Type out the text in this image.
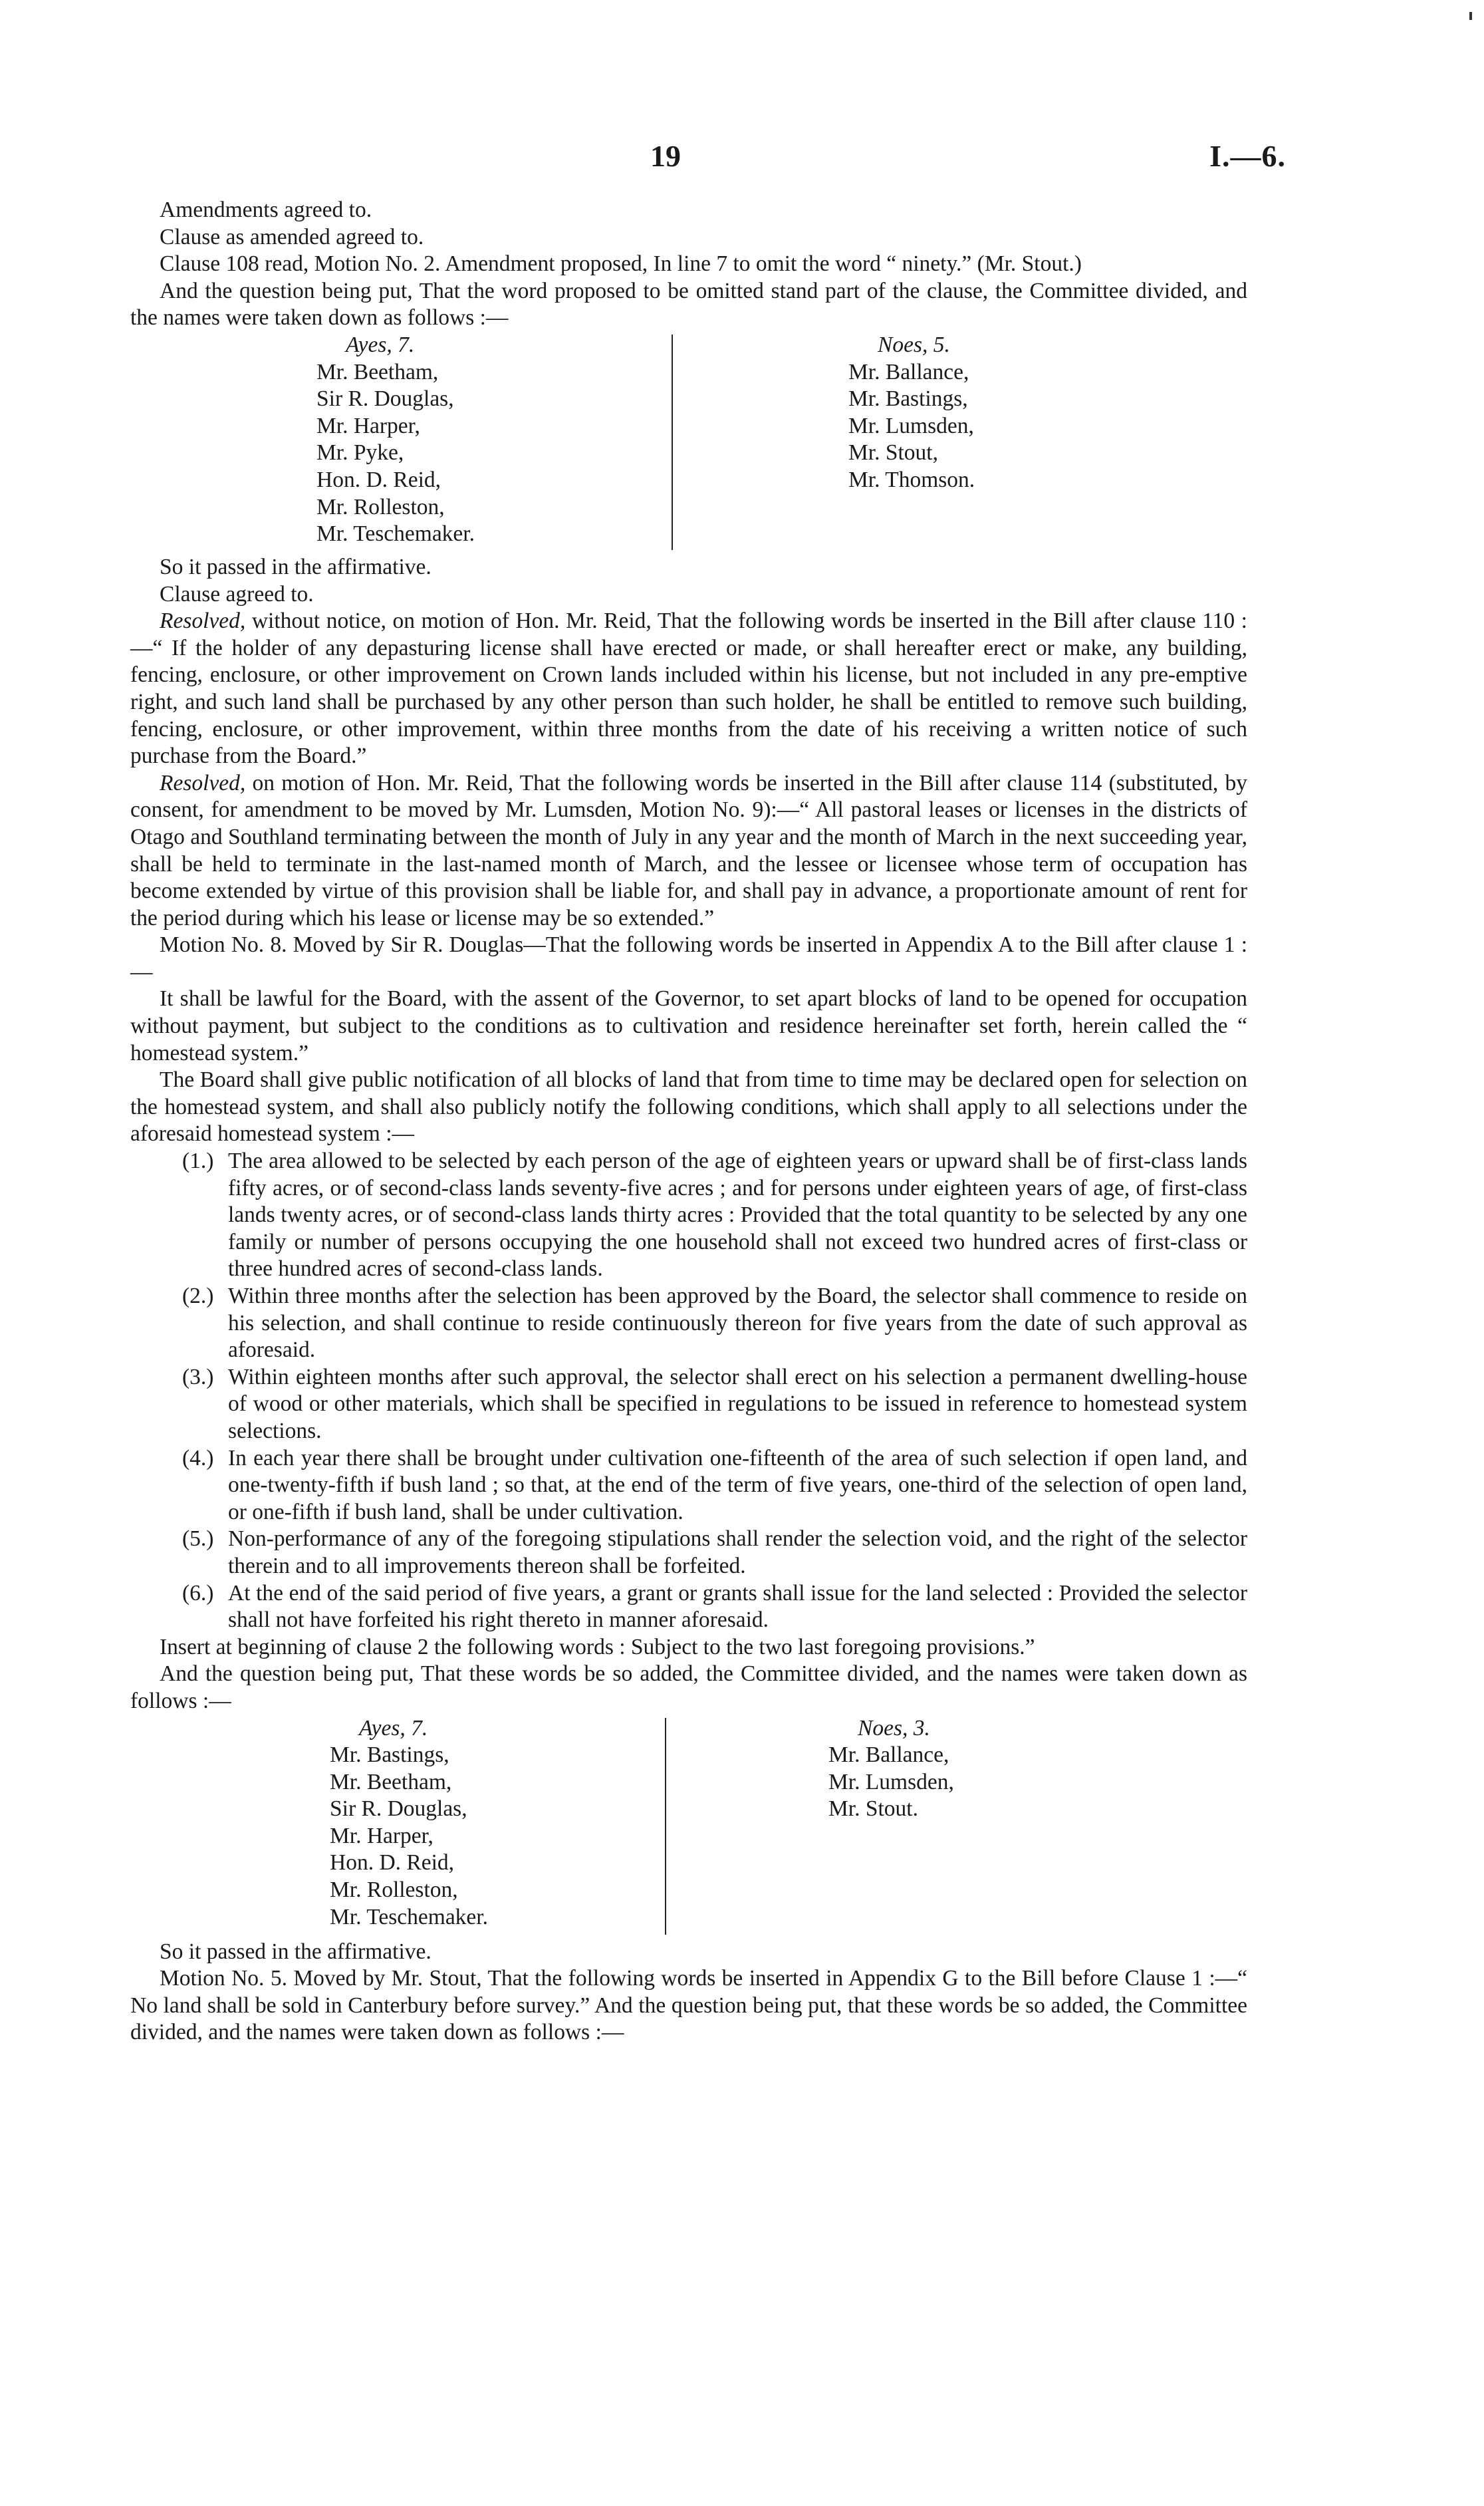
19	I.—6.

Amendments agreed to.

Clause as amended agreed to.

Clause 108 read, Motion No. 2. Amendment proposed, In line 7 to omit the word “ ninety.” (Mr. Stout.)

And the question being put, That the word proposed to be omitted stand part of the clause, the Committee divided, and the names were taken down as follows :—

Ayes, 7.
Mr. Beetham,
Sir R. Douglas,
Mr. Harper,
Mr. Pyke,
Hon. D. Reid,
Mr. Rolleston,
Mr. Teschemaker.
Noes, 5.
Mr. Ballance,
Mr. Bastings,
Mr. Lumsden,
Mr. Stout,
Mr. Thomson.

So it passed in the affirmative.

Clause agreed to.

Resolved, without notice, on motion of Hon. Mr. Reid, That the following words be inserted in the Bill after clause 110 :—“ If the holder of any depasturing license shall have erected or made, or shall hereafter erect or make, any building, fencing, enclosure, or other improvement on Crown lands included within his license, but not included in any pre-emptive right, and such land shall be purchased by any other person than such holder, he shall be entitled to remove such building, fencing, enclosure, or other improvement, within three months from the date of his receiving a written notice of such purchase from the Board.”

Resolved, on motion of Hon. Mr. Reid, That the following words be inserted in the Bill after clause 114 (substituted, by consent, for amendment to be moved by Mr. Lumsden, Motion No. 9):—“ All pastoral leases or licenses in the districts of Otago and Southland terminating between the month of July in any year and the month of March in the next succeeding year, shall be held to terminate in the last-named month of March, and the lessee or licensee whose term of occupation has become extended by virtue of this provision shall be liable for, and shall pay in advance, a proportionate amount of rent for the period during which his lease or license may be so extended.”

Motion No. 8. Moved by Sir R. Douglas—That the following words be inserted in Appendix A to the Bill after clause 1 :—

It shall be lawful for the Board, with the assent of the Governor, to set apart blocks of land to be opened for occupation without payment, but subject to the conditions as to cultivation and residence hereinafter set forth, herein called the “ homestead system.”

The Board shall give public notification of all blocks of land that from time to time may be declared open for selection on the homestead system, and shall also publicly notify the following conditions, which shall apply to all selections under the aforesaid homestead system :—

(1.) The area allowed to be selected by each person of the age of eighteen years or upward shall be of first-class lands fifty acres, or of second-class lands seventy-five acres ; and for persons under eighteen years of age, of first-class lands twenty acres, or of second-class lands thirty acres : Provided that the total quantity to be selected by any one family or number of persons occupying the one household shall not exceed two hundred acres of first-class or three hundred acres of second-class lands.
(2.) Within three months after the selection has been approved by the Board, the selector shall commence to reside on his selection, and shall continue to reside continuously thereon for five years from the date of such approval as aforesaid.
(3.) Within eighteen months after such approval, the selector shall erect on his selection a permanent dwelling-house of wood or other materials, which shall be specified in regulations to be issued in reference to homestead system selections.
(4.) In each year there shall be brought under cultivation one-fifteenth of the area of such selection if open land, and one-twenty-fifth if bush land ; so that, at the end of the term of five years, one-third of the selection of open land, or one-fifth if bush land, shall be under cultivation.
(5.) Non-performance of any of the foregoing stipulations shall render the selection void, and the right of the selector therein and to all improvements thereon shall be forfeited.
(6.) At the end of the said period of five years, a grant or grants shall issue for the land selected : Provided the selector shall not have forfeited his right thereto in manner aforesaid.

Insert at beginning of clause 2 the following words : Subject to the two last foregoing provisions.”

And the question being put, That these words be so added, the Committee divided, and the names were taken down as follows :—

Ayes, 7.
Mr. Bastings,
Mr. Beetham,
Sir R. Douglas,
Mr. Harper,
Hon. D. Reid,
Mr. Rolleston,
Mr. Teschemaker.
Noes, 3.
Mr. Ballance,
Mr. Lumsden,
Mr. Stout.

So it passed in the affirmative.

Motion No. 5. Moved by Mr. Stout, That the following words be inserted in Appendix G to the Bill before Clause 1 :—“ No land shall be sold in Canterbury before survey.” And the question being put, that these words be so added, the Committee divided, and the names were taken down as follows :—
